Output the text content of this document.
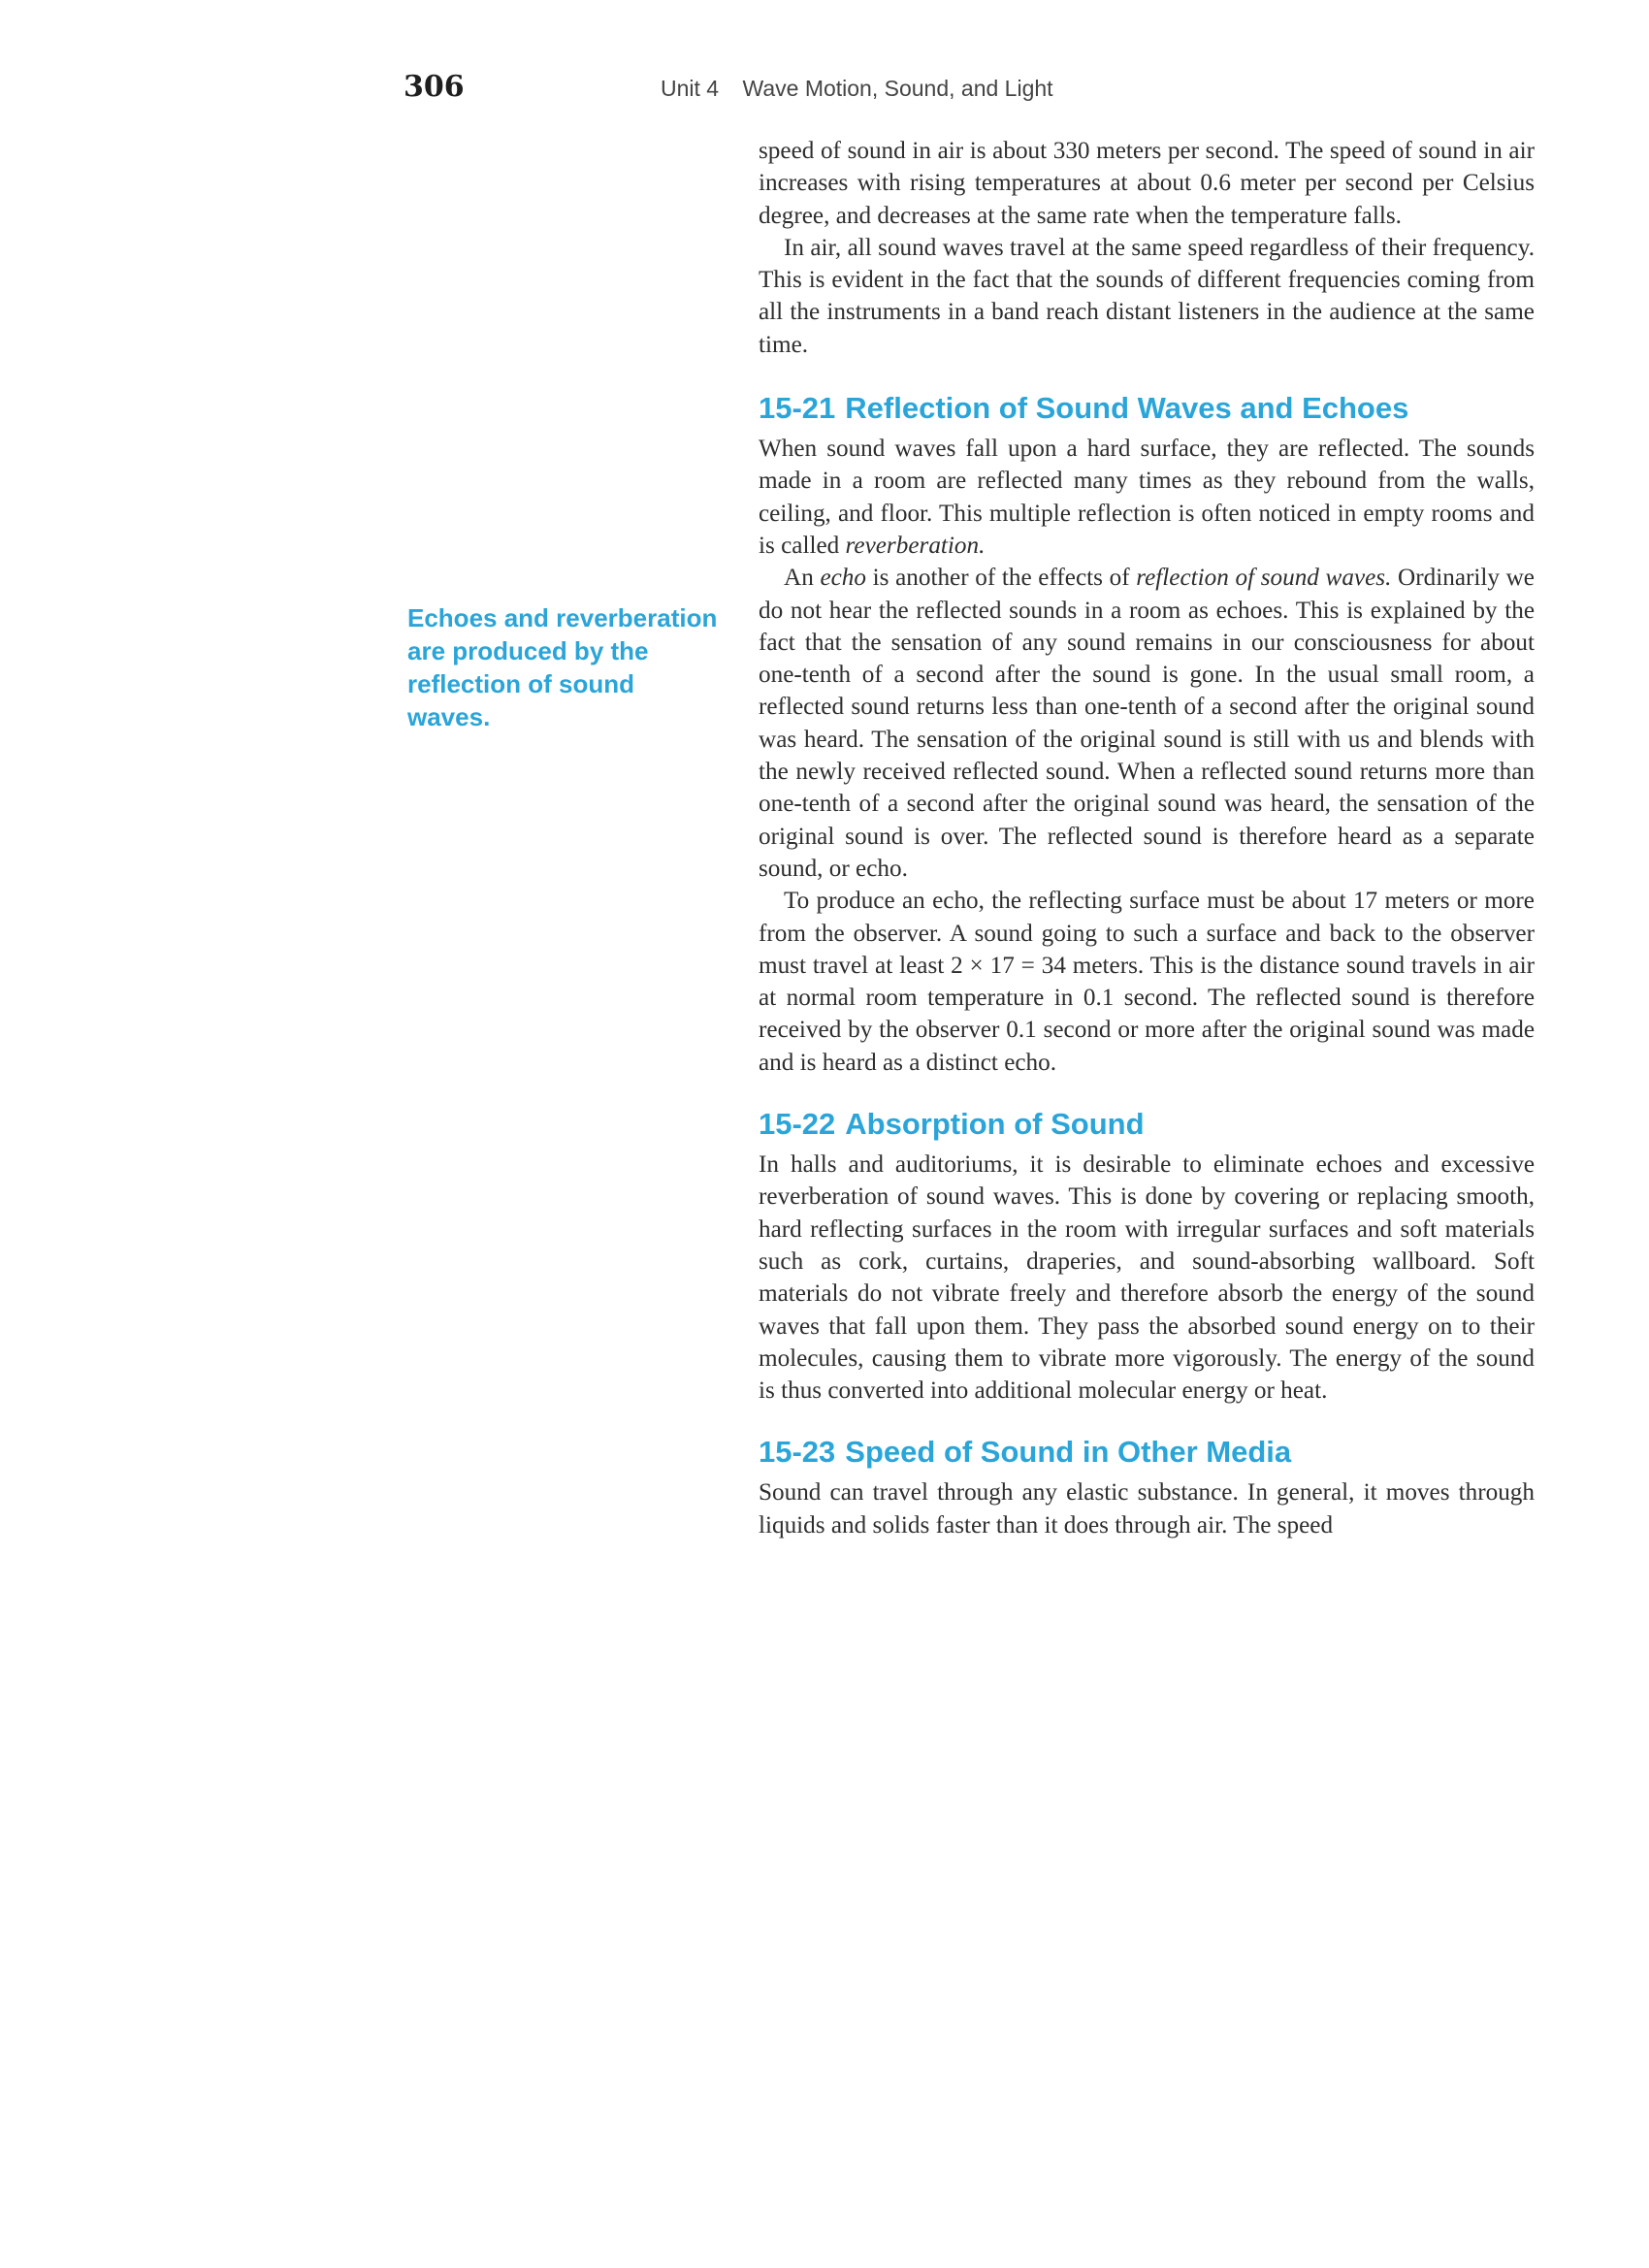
306	Unit 4 Wave Motion, Sound, and Light
Echoes and reverberation are produced by the reflection of sound waves.

speed of sound in air is about 330 meters per second. The speed of sound in air increases with rising temperatures at about 0.6 meter per second per Celsius degree, and decreases at the same rate when the temperature falls.

In air, all sound waves travel at the same speed regardless of their frequency. This is evident in the fact that the sounds of different frequencies coming from all the instruments in a band reach distant listeners in the audience at the same time.

15-21 Reflection of Sound Waves and Echoes

When sound waves fall upon a hard surface, they are reflected. The sounds made in a room are reflected many times as they rebound from the walls, ceiling, and floor. This multiple reflection is often noticed in empty rooms and is called reverberation.

An echo is another of the effects of reflection of sound waves. Ordinarily we do not hear the reflected sounds in a room as echoes. This is explained by the fact that the sensation of any sound remains in our consciousness for about one-tenth of a second after the sound is gone. In the usual small room, a reflected sound returns less than one-tenth of a second after the original sound was heard. The sensation of the original sound is still with us and blends with the newly received reflected sound. When a reflected sound returns more than one-tenth of a second after the original sound was heard, the sensation of the original sound is over. The reflected sound is therefore heard as a separate sound, or echo.

To produce an echo, the reflecting surface must be about 17 meters or more from the observer. A sound going to such a surface and back to the observer must travel at least 2 × 17 = 34 meters. This is the distance sound travels in air at normal room temperature in 0.1 second. The reflected sound is therefore received by the observer 0.1 second or more after the original sound was made and is heard as a distinct echo.

15-22 Absorption of Sound

In halls and auditoriums, it is desirable to eliminate echoes and excessive reverberation of sound waves. This is done by covering or replacing smooth, hard reflecting surfaces in the room with irregular surfaces and soft materials such as cork, curtains, draperies, and sound-absorbing wallboard. Soft materials do not vibrate freely and therefore absorb the energy of the sound waves that fall upon them. They pass the absorbed sound energy on to their molecules, causing them to vibrate more vigorously. The energy of the sound is thus converted into additional molecular energy or heat.

15-23 Speed of Sound in Other Media

Sound can travel through any elastic substance. In general, it moves through liquids and solids faster than it does through air. The speed
